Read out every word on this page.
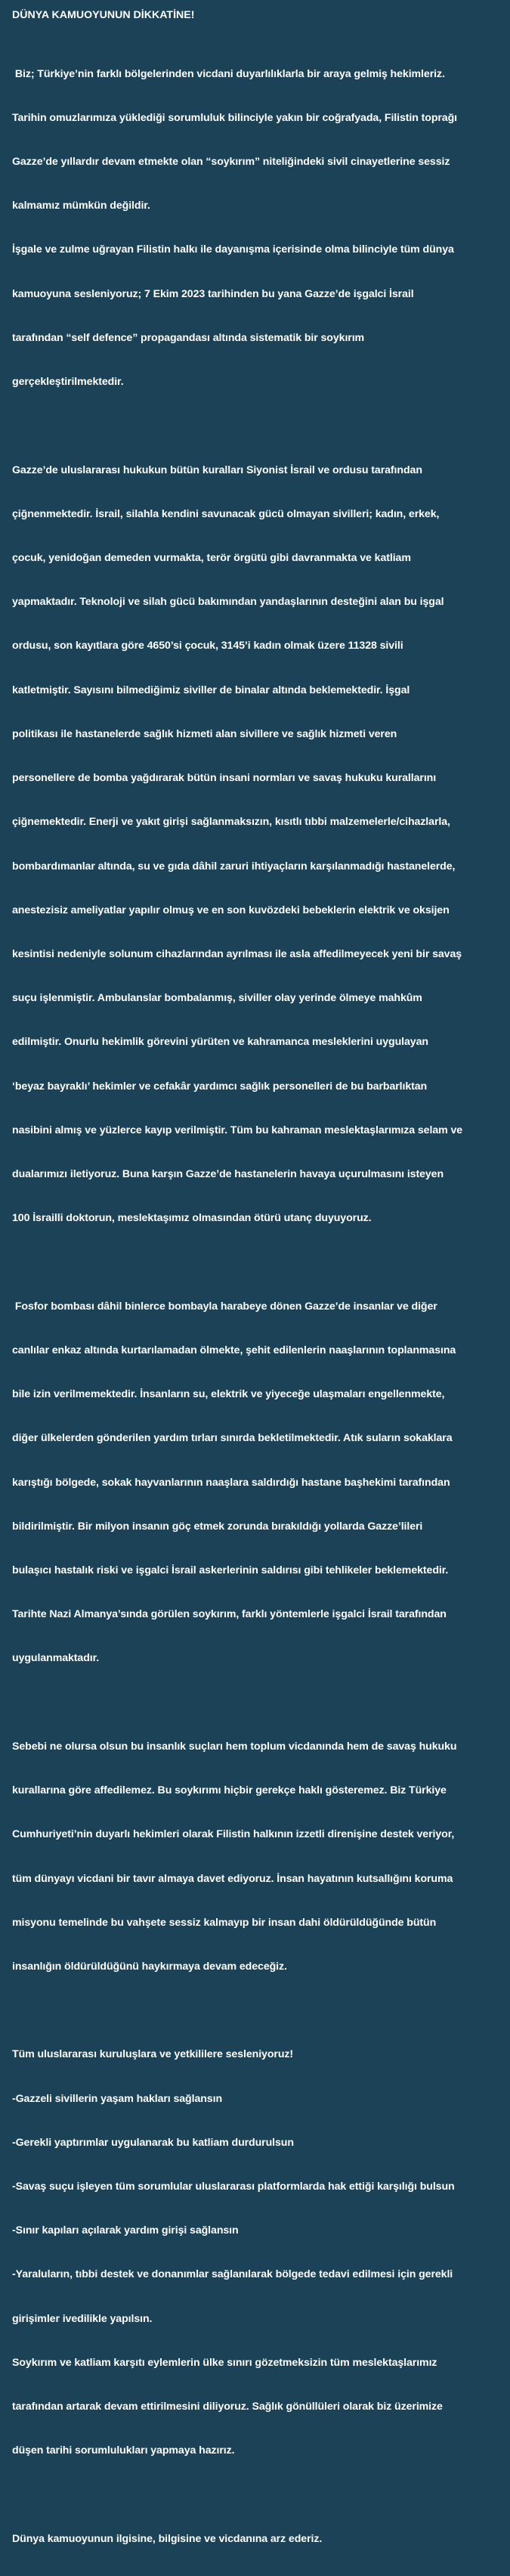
DÜNYA KAMUOYUNUN DİKKATİNE!

Biz; Türkiye’nin farklı bölgelerinden vicdani duyarlılıklarla bir araya gelmiş hekimleriz.

Tarihin omuzlarımıza yüklediği sorumluluk bilinciyle yakın bir coğrafyada, Filistin toprağı

Gazze’de yıllardır devam etmekte olan “soykırım” niteliğindeki sivil cinayetlerine sessiz

kalmamız mümkün değildir.

İşgale ve zulme uğrayan Filistin halkı ile dayanışma içerisinde olma bilinciyle tüm dünya

kamuoyuna sesleniyoruz; 7 Ekim 2023 tarihinden bu yana Gazze’de işgalci İsrail

tarafından “self defence” propagandası altında sistematik bir soykırım

gerçekleştirilmektedir.

Gazze’de uluslararası hukukun bütün kuralları Siyonist İsrail ve ordusu tarafından

çiğnenmektedir. İsrail, silahla kendini savunacak gücü olmayan sivilleri; kadın, erkek,

çocuk, yenidoğan demeden vurmakta, terör örgütü gibi davranmakta ve katliam

yapmaktadır. Teknoloji ve silah gücü bakımından yandaşlarının desteğini alan bu işgal

ordusu, son kayıtlara göre 4650’si çocuk, 3145’i kadın olmak üzere 11328 sivili

katletmiştir. Sayısını bilmediğimiz siviller de binalar altında beklemektedir. İşgal

politikası ile hastanelerde sağlık hizmeti alan sivillere ve sağlık hizmeti veren

personellere de bomba yağdırarak bütün insani normları ve savaş hukuku kurallarını

çiğnemektedir. Enerji ve yakıt girişi sağlanmaksızın, kısıtlı tıbbi malzemelerle/cihazlarla,

bombardımanlar altında, su ve gıda dâhil zaruri ihtiyaçların karşılanmadığı hastanelerde,

anestezisiz ameliyatlar yapılır olmuş ve en son kuvözdeki bebeklerin elektrik ve oksijen

kesintisi nedeniyle solunum cihazlarından ayrılması ile asla affedilmeyecek yeni bir savaş

suçu işlenmiştir. Ambulanslar bombalanmış, siviller olay yerinde ölmeye mahkûm

edilmiştir. Onurlu hekimlik görevini yürüten ve kahramanca mesleklerini uygulayan

‘beyaz bayraklı’ hekimler ve cefakâr yardımcı sağlık personelleri de bu barbarlıktan

nasibini almış ve yüzlerce kayıp verilmiştir. Tüm bu kahraman meslektaşlarımıza selam ve

dualarımızı iletiyoruz. Buna karşın Gazze’de hastanelerin havaya uçurulmasını isteyen

100 İsrailli doktorun, meslektaşımız olmasından ötürü utanç duyuyoruz.

Fosfor bombası dâhil binlerce bombayla harabeye dönen Gazze’de insanlar ve diğer

canlılar enkaz altında kurtarılamadan ölmekte, şehit edilenlerin naaşlarının toplanmasına

bile izin verilmemektedir. İnsanların su, elektrik ve yiyeceğe ulaşmaları engellenmekte,

diğer ülkelerden gönderilen yardım tırları sınırda bekletilmektedir. Atık suların sokaklara

karıştığı bölgede, sokak hayvanlarının naaşlara saldırdığı hastane başhekimi tarafından

bildirilmiştir. Bir milyon insanın göç etmek zorunda bırakıldığı yollarda Gazze’lileri

bulaşıcı hastalık riski ve işgalci İsrail askerlerinin saldırısı gibi tehlikeler beklemektedir.

Tarihte Nazi Almanya’sında görülen soykırım, farklı yöntemlerle işgalci İsrail tarafından

uygulanmaktadır.

Sebebi ne olursa olsun bu insanlık suçları hem toplum vicdanında hem de savaş hukuku

kurallarına göre affedilemez. Bu soykırımı hiçbir gerekçe haklı gösteremez. Biz Türkiye

Cumhuriyeti’nin duyarlı hekimleri olarak Filistin halkının izzetli direnişine destek veriyor,

tüm dünyayı vicdani bir tavır almaya davet ediyoruz. İnsan hayatının kutsallığını koruma

misyonu temelinde bu vahşete sessiz kalmayıp bir insan dahi öldürüldüğünde bütün

insanlığın öldürüldüğünü haykırmaya devam edeceğiz.

Tüm uluslararası kuruluşlara ve yetkililere sesleniyoruz!

-Gazzeli sivillerin yaşam hakları sağlansın

-Gerekli yaptırımlar uygulanarak bu katliam durdurulsun

-Savaş suçu işleyen tüm sorumlular uluslararası platformlarda hak ettiği karşılığı bulsun

-Sınır kapıları açılarak yardım girişi sağlansın

-Yaraluların, tıbbi destek ve donanımlar sağlanılarak bölgede tedavi edilmesi için gerekli

girişimler ivedilikle yapılsın.

Soykırım ve katliam karşıtı eylemlerin ülke sınırı gözetmeksizin tüm meslektaşlarımız

tarafından artarak devam ettirilmesini diliyoruz. Sağlık gönüllüleri olarak biz üzerimize

düşen tarihi sorumlulukları yapmaya hazırız.

Dünya kamuoyunun ilgisine, bilgisine ve vicdanına arz ederiz.
